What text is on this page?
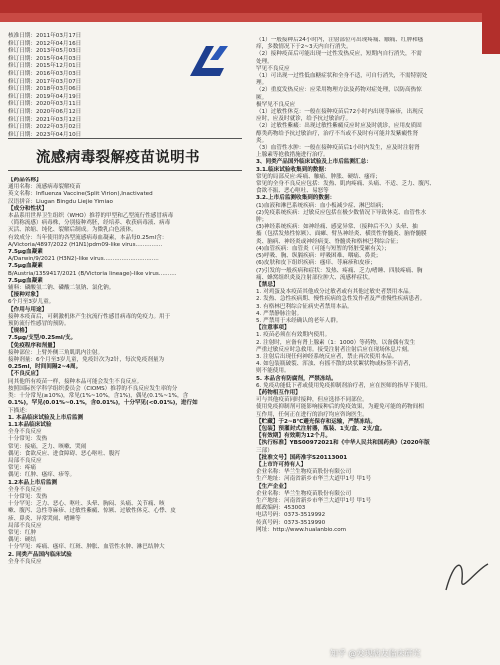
核准日期：2011年03月17日
修订日期：2012年04月16日
修订日期：2013年05月03日
修订日期：2015年04月03日
修订日期：2015年12月01日
修订日期：2016年03月03日
修订日期：2017年03月07日
修订日期：2018年03月06日
修订日期：2019年04月19日
修订日期：2020年03月11日
修订日期：2020年06月12日
修订日期：2021年03月12日
修订日期：2022年03月02日
修订日期：2023年04月10日
流感病毒裂解疫苗说明书
【药品名称】
通用名称：流感病毒裂解疫苗
英文名称：Influenza Vaccine(Split Virion),Inactivated
汉语拼音：Liugan Bingdu Liejie Yimiao
【成分和性状】
本品系用世界卫生组织（WHO）推荐的甲型和乙型流行性感冒病毒
（简称流感）病毒株，分别接种鸡胚，经培养、收获病毒液、病毒
灭活、浓缩、纯化、裂解后制成。为微乳白色液体。
有效成分：当年使用的各型流感病毒血凝素，本品每0.25ml含：
A/Victoria/4897/2022 (H1N1)pdm09-like virus...............
7.5μg血凝素
A/Darwin/9/2021 (H3N2)-like virus...............................
7.5μg血凝素
B/Austria/1359417/2021 (B/Victoria lineage)-like virus..........
7.5μg血凝素
辅料：磷酸氢二钠、磷酸二氢钠、氯化钠。
【接种对象】
6个月至3岁儿童。
【作用与用途】
接种本疫苗后，可刺激机体产生抗流行性感冒病毒的免疫力。用于
预防流行性感冒的预防。
【规格】
7.5μg/支型/0.25ml/支。
【免疫程序和剂量】
接种部位：上臂外侧三角肌肌内注射。
接种剂量：6个月至3岁儿童，免疫针次为2针，每次免疫剂量为
0.25ml，时间间隔2~4周。
【不良反应】
同其他所有疫苗一样，接种本品可能会发生不良反应。
按照国际医学科学组织委员会（CIOMS）推荐的不良反应发生率的分
类：十分常见(≥10%)，常见(1%~10%，含1%)，偶见(0.1%~1%，含
0.1%)，罕见(0.01%~0.1%，含0.01%)，十分罕见(<0.01%)，进行如
下描述：
1. 本品临床试验及上市后监测
1.1本品临床试验
全身不良反应
十分常见：发热
常见：接痛，乏力、咳嗽、哭闹
偶见：食欲反应、进食障碍、恶心呕吐、腹泻
局部不良反应
常见：疼痛
偶见：红肿、瘙痒、疹等。
1.2本品上市后监测
全身不良反应
十分常见：发热
十分罕见：乏力、恶心、呕吐、头晕、胸闷、头痛、关节痛、咳
嗽、腹泻、急性荨麻疹、过敏性紫癜、惊厥、过敏性休克、心悸、皮
疹、鼻炎、异常哭闹、嗜睡等
局部不良反应
常见：红肿
偶见：硬结
十分罕见：疼痛、瘙痒、红斑、肿胀、血管性水肿、淋巴结肿大
2. 同类产品国内临床试验
全身不良反应
（1）一般接种后24小时内，注射部位可出现疼痛、触痛、红肿和瘙
痒，多数情况下于2~3天内自行消失。
（2）接种疫苗后可能出现一过性发热反应，短期内自行消失，不需
处理。
罕见不良反应
（1）可出现一过性低血糖症状和全身不适，可自行消失，不需特别处
理。
（2）重度发热反应：应采用物理方法及药物对症处理，以防高热惊
厥。
极罕见不良反应
（1）过敏性休克：一般在接种疫苗后72小时内出现荨麻疹，出现反
应时，应及时就诊，给予抗过敏治疗。
（2）过敏性紫癜：出现过敏性紫癜反应时应及时就诊，应用皮质固
醇类药物给予抗过敏治疗，治疗不当或不及时有可能并发紫癜性肾
炎。
（3）血管性水肿：一般在接种疫苗后1小时内发生，应及时注射肾
上腺素等抢救措施进行治疗。
3、同类产品国外临床试验及上市后监测汇总：
3.1.临床试验收集到的数据：
常见的局部反应:疼痛、触痛、肿胀、硬结、瘙痒；
常见的全身不良反应包括：发热、肌肉疼痛、头痛、不适、乏力、腹泻、
食欲不振、恶心呕吐、易怒等
3.2.上市后监测收集到的数据：
(1)血液和淋巴系统疾病：血小板减少症、淋巴结病；
(2)免疫系统疾病：过敏反应包括在极少数情况下导致休克、血管性水
肿；
(3)神经系统疾病：如神经痛、感觉异常、（接种后不久）头晕、抽
搐（包括发热性惊厥）、面瘫、臂丛神经炎、横贯性脊髓炎、脑脊髓膜
炎、脑病、神经炎或神经病变、脊髓炎和格林巴利综合征；
(4)血管疾病：血管炎（可能与短暂的肾脏受累有关）；
(5)呼吸、胸、纵膈疾病：呼吸困难、咽痛、鼻炎；
(6)皮肤和皮下组织疾病：瘙痒、荨麻疹和皮疹；
(7)引发的一般疾病和症状：发热、疼痛、乏力/嗜睡、四肢疼痛、胸
痛、蜂窝组织炎及注射部位肿大、流感样症状。
【禁忌】
1. 对鸡蛋及本疫苗其他成分过敏者或有其他过敏史者禁用本品。
2. 发热、急性疾病期、慢性疾病的急性发作者及严重慢性疾病患者。
3. 有格林巴利综合征病史者禁用本品。
4. 严禁静脉注射。
5. 严禁用于未经确认的老年人群。
【注意事项】
1. 疫苗必须在有效期内使用。
2. 注射时，应备有肾上腺素（1：1000）等药物，以备偶有发生
严重过敏反应时急救用。接受注射者注射后应在现场休息片刻。
3. 注射后出现任何神经系统反应者，禁止再次使用本品。
4. 如包装瓶破裂、浑浊、有摇不散的块状絮状物或标签不清者，
则不能使用。
5. 本品含有防腐剂，严禁冻结。
6. 免疫功能低下者或使用免疫抑制剂治疗者，应在医师的指导下使用。
【药物相互作用】
可与其他疫苗同时接种，但应选择不同部位。
使用免疫抑制剂可能影响接种后的免疫效果，为避免可能的药物间相
互作用，任何正在进行的治疗均应咨询医生。
【贮藏】于2~8℃避光保存和运输，严禁冻结。
【包装】预灌封式注射器，瓶装、1支/盒、2支/盒。
【有效期】有效期为12个月。
【执行标准】YBS00972021和《中华人民共和国药典》（2020年版
三部）
【批准文号】国药准字S20113001
【上市许可持有人】
企业名称：华兰生物疫苗股份有限公司
生产地址：河南省新乡市华兰大道甲1号 甲1号
【生产企业】
企业名称：华兰生物疫苗股份有限公司
生产地址：河南省新乡市华兰大道甲1号 甲1号
邮政编码：453003
电话号码：0373-3519992
传真号码：0373-3519990
网址：http://www.hualanbio.com
知乎 @发现病友临床研究
